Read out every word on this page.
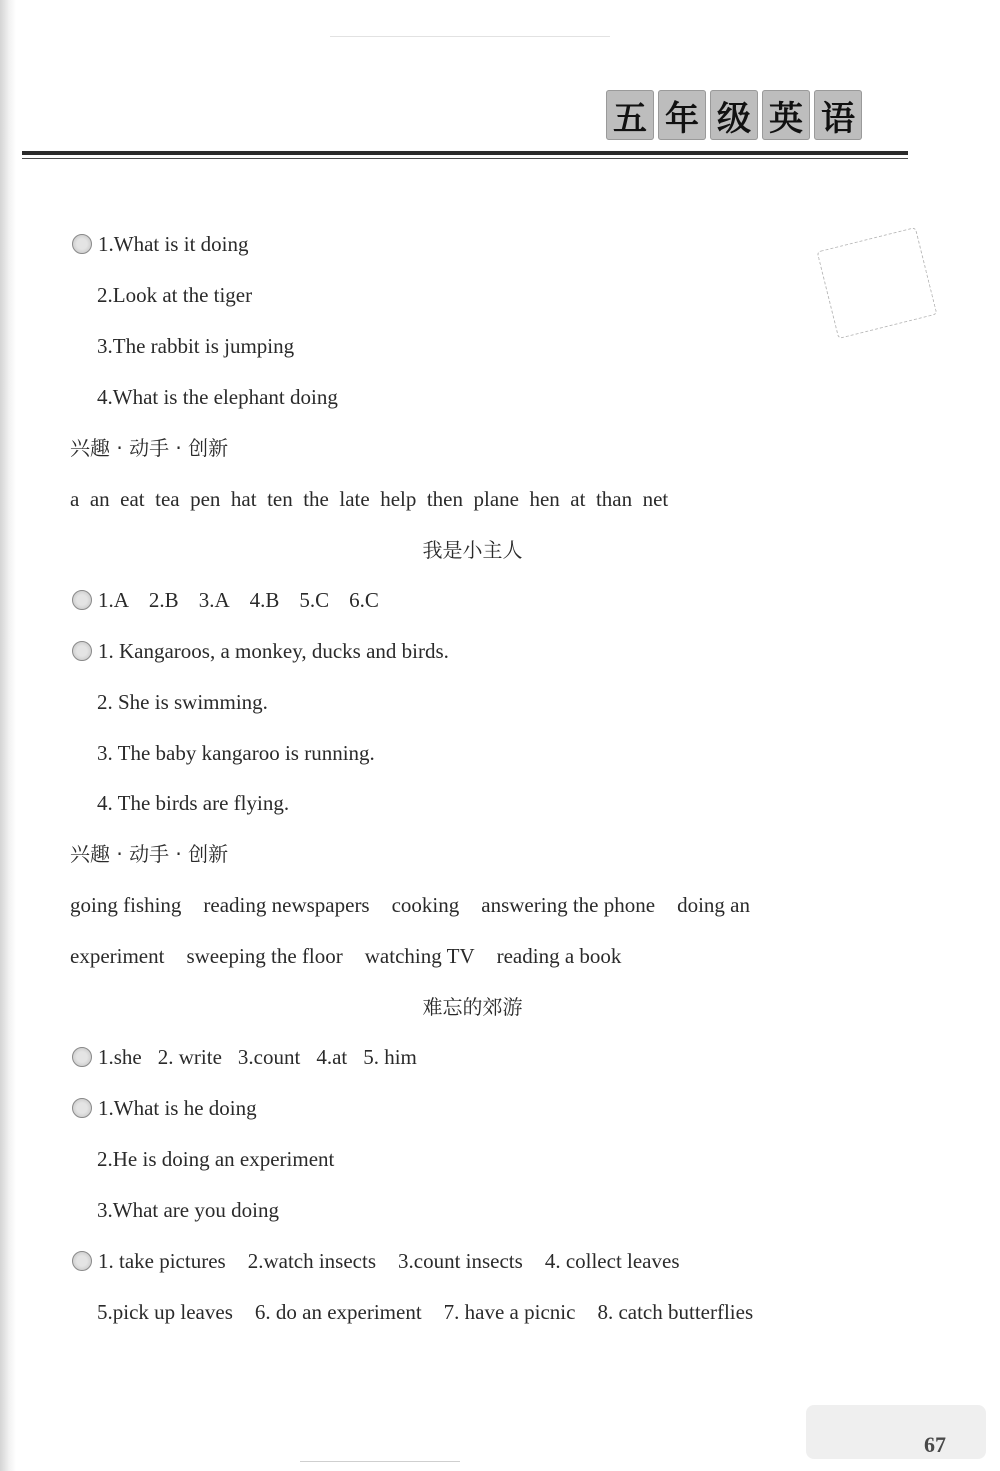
五 年 级 英 语
1.What is it doing
2.Look at the tiger
3.The rabbit is jumping
4.What is the elephant doing
兴趣 · 动手 · 创新
a  an  eat  tea  pen  hat  ten  the  late  help  then  plane  hen  at  than  net
我是小主人
1.A 2.B 3.A 4.B 5.C 6.C
1. Kangaroos, a monkey, ducks and birds.
2. She is swimming.
3. The baby kangaroo is running.
4. The birds are flying.
兴趣 · 动手 · 创新
going fishing reading newspapers cooking answering the phone doing an
experiment sweeping the floor watching TV reading a book
难忘的郊游
1.she 2. write 3.count 4.at 5. him
1.What is he doing
2.He is doing an experiment
3.What are you doing
1. take pictures 2.watch insects 3.count insects 4. collect leaves
5.pick up leaves 6. do an experiment 7. have a picnic 8. catch butterflies
67
